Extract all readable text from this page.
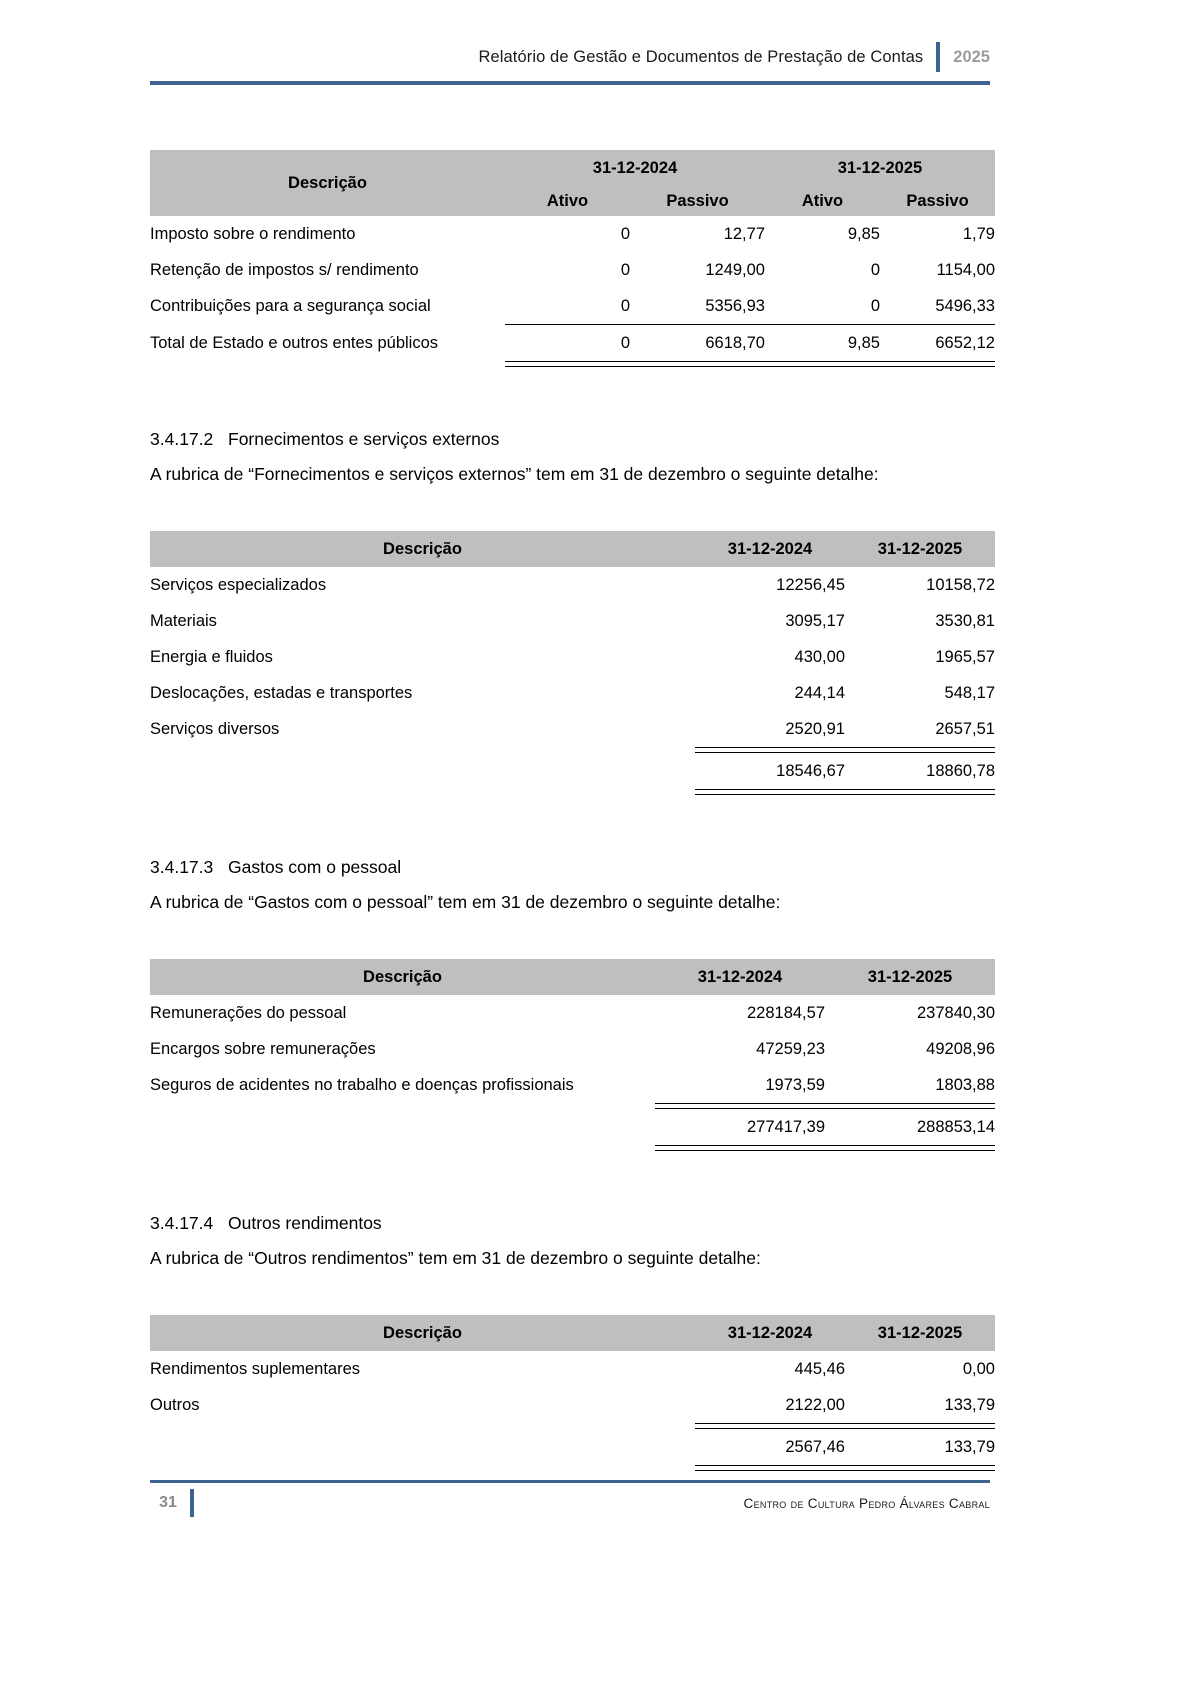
Relatório de Gestão e Documentos de Prestação de Contas 2025
Descrição	31-12-2024		31-12-2025	
	Ativo	Passivo	Ativo	Passivo
Imposto sobre o rendimento	0	12,77	9,85	1,79
Retenção de impostos s/ rendimento	0	1249,00	0	1154,00
Contribuições para a segurança social	0	5356,93	0	5496,33

Total de Estado e outros entes públicos	0	6618,70	9,85	6652,12

3.4.17.2 Fornecimentos e serviços externos

A rubrica de “Fornecimentos e serviços externos” tem em 31 de dezembro o seguinte detalhe:

Descrição	31-12-2024	31-12-2025
Serviços especializados	12256,45	10158,72
Materiais	3095,17	3530,81
Energia e fluidos	430,00	1965,57
Deslocações, estadas e transportes	244,14	548,17
Serviços diversos	2520,91	2657,51

	18546,67	18860,78

3.4.17.3 Gastos com o pessoal

A rubrica de “Gastos com o pessoal” tem em 31 de dezembro o seguinte detalhe:

Descrição	31-12-2024	31-12-2025
Remunerações do pessoal	228184,57	237840,30
Encargos sobre remunerações	47259,23	49208,96
Seguros de acidentes no trabalho e doenças profissionais	1973,59	1803,88

	277417,39	288853,14

3.4.17.4 Outros rendimentos

A rubrica de “Outros rendimentos” tem em 31 de dezembro o seguinte detalhe:

Descrição	31-12-2024	31-12-2025
Rendimentos suplementares	445,46	0,00
Outros	2122,00	133,79

	2567,46	133,79

31	Centro de Cultura Pedro Álvares Cabral
